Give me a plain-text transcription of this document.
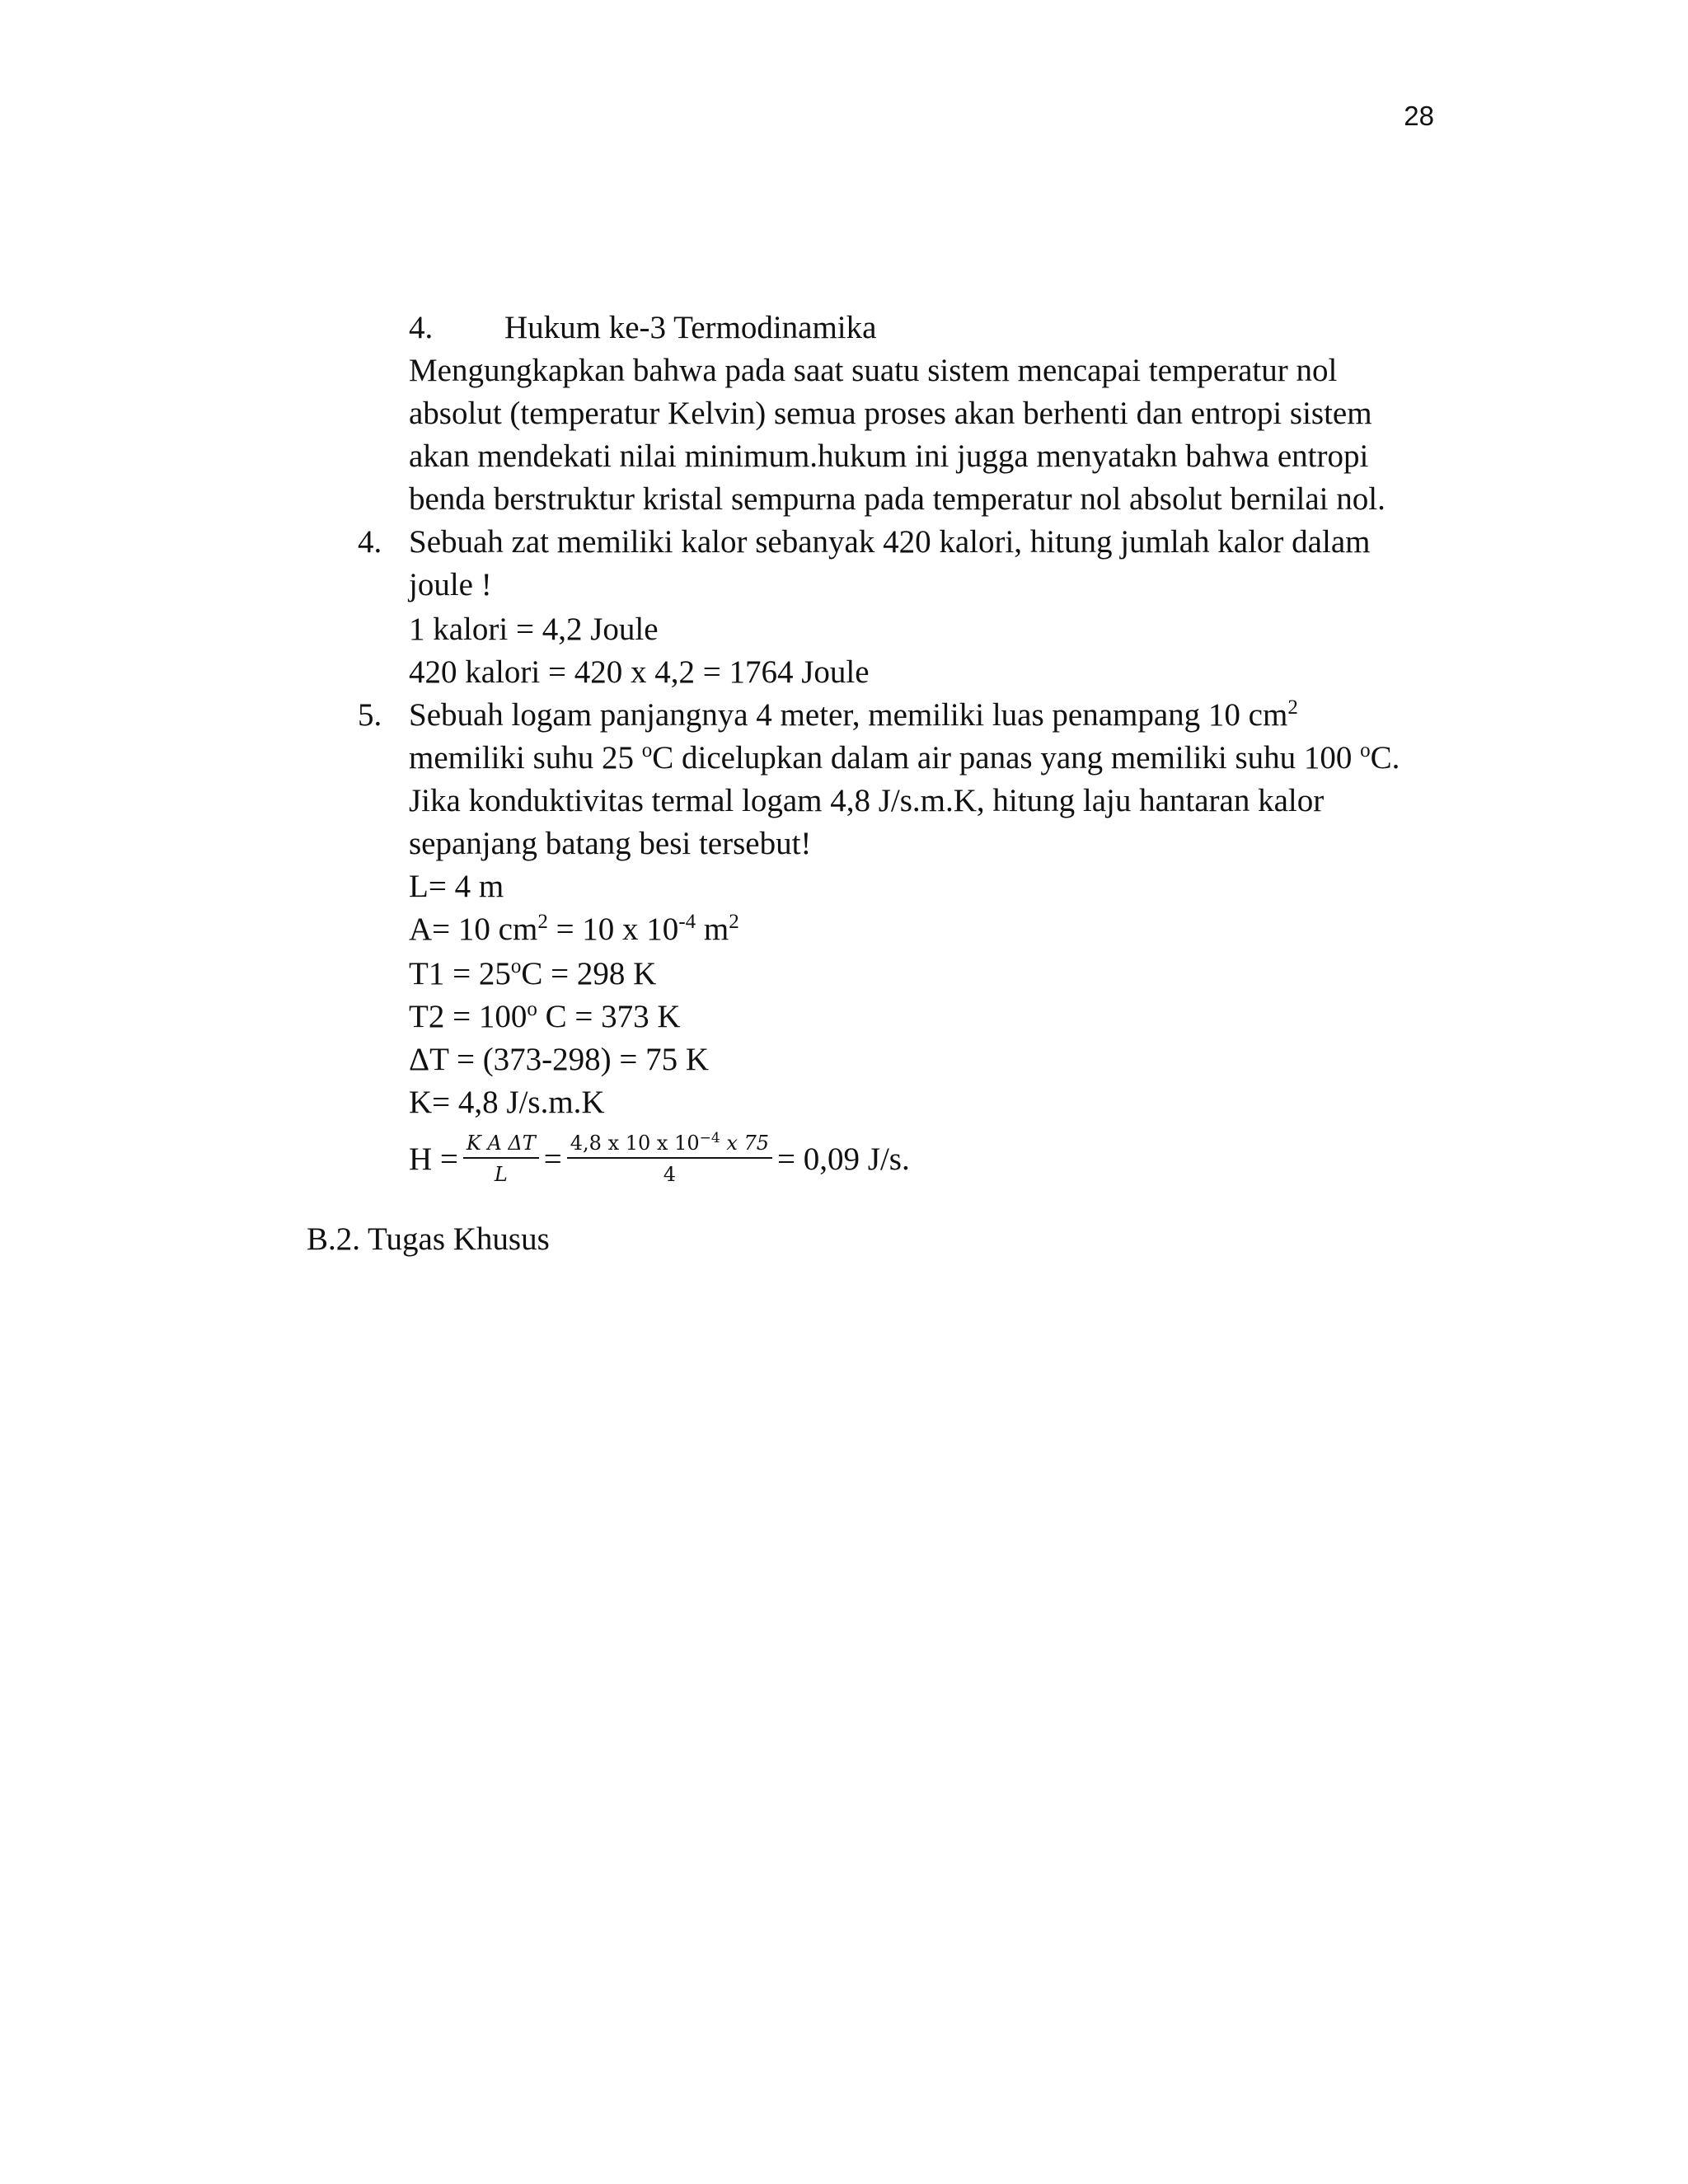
28
4. Hukum ke-3 Termodinamika
Mengungkapkan bahwa pada saat suatu sistem mencapai temperatur nol
absolut (temperatur Kelvin) semua proses akan berhenti dan entropi sistem
akan mendekati nilai minimum.hukum ini jugga menyatakn bahwa entropi
benda berstruktur kristal sempurna pada temperatur nol absolut bernilai nol.
4. Sebuah zat memiliki kalor sebanyak 420 kalori, hitung jumlah kalor dalam
joule !
1 kalori = 4,2 Joule
420 kalori = 420 x 4,2 = 1764 Joule
5. Sebuah logam panjangnya 4 meter, memiliki luas penampang 10 $cm^2$
memiliki suhu 25 $^o$C dicelupkan dalam air panas yang memiliki suhu 100 $^o$C.
Jika konduktivitas termal logam 4,8 J/s.m.K, hitung laju hantaran kalor
sepanjang batang besi tersebut!
L= 4 m
A= 10 $cm^2 = 10$ x $10^{-4}$ $m^2$
$T1 = 25^oC = 298$ K
$T2 = 100^o$ C = 373 K
ΔT = (373-298) = 75 K
K= 4,8 J/s.m.K
$H = \frac{\text{K A ΔT}}{L} = \frac{4,8 x 10 x 10^{-4} x 75}{4} = 0,09$ J/s.
B.2. Tugas Khusus
